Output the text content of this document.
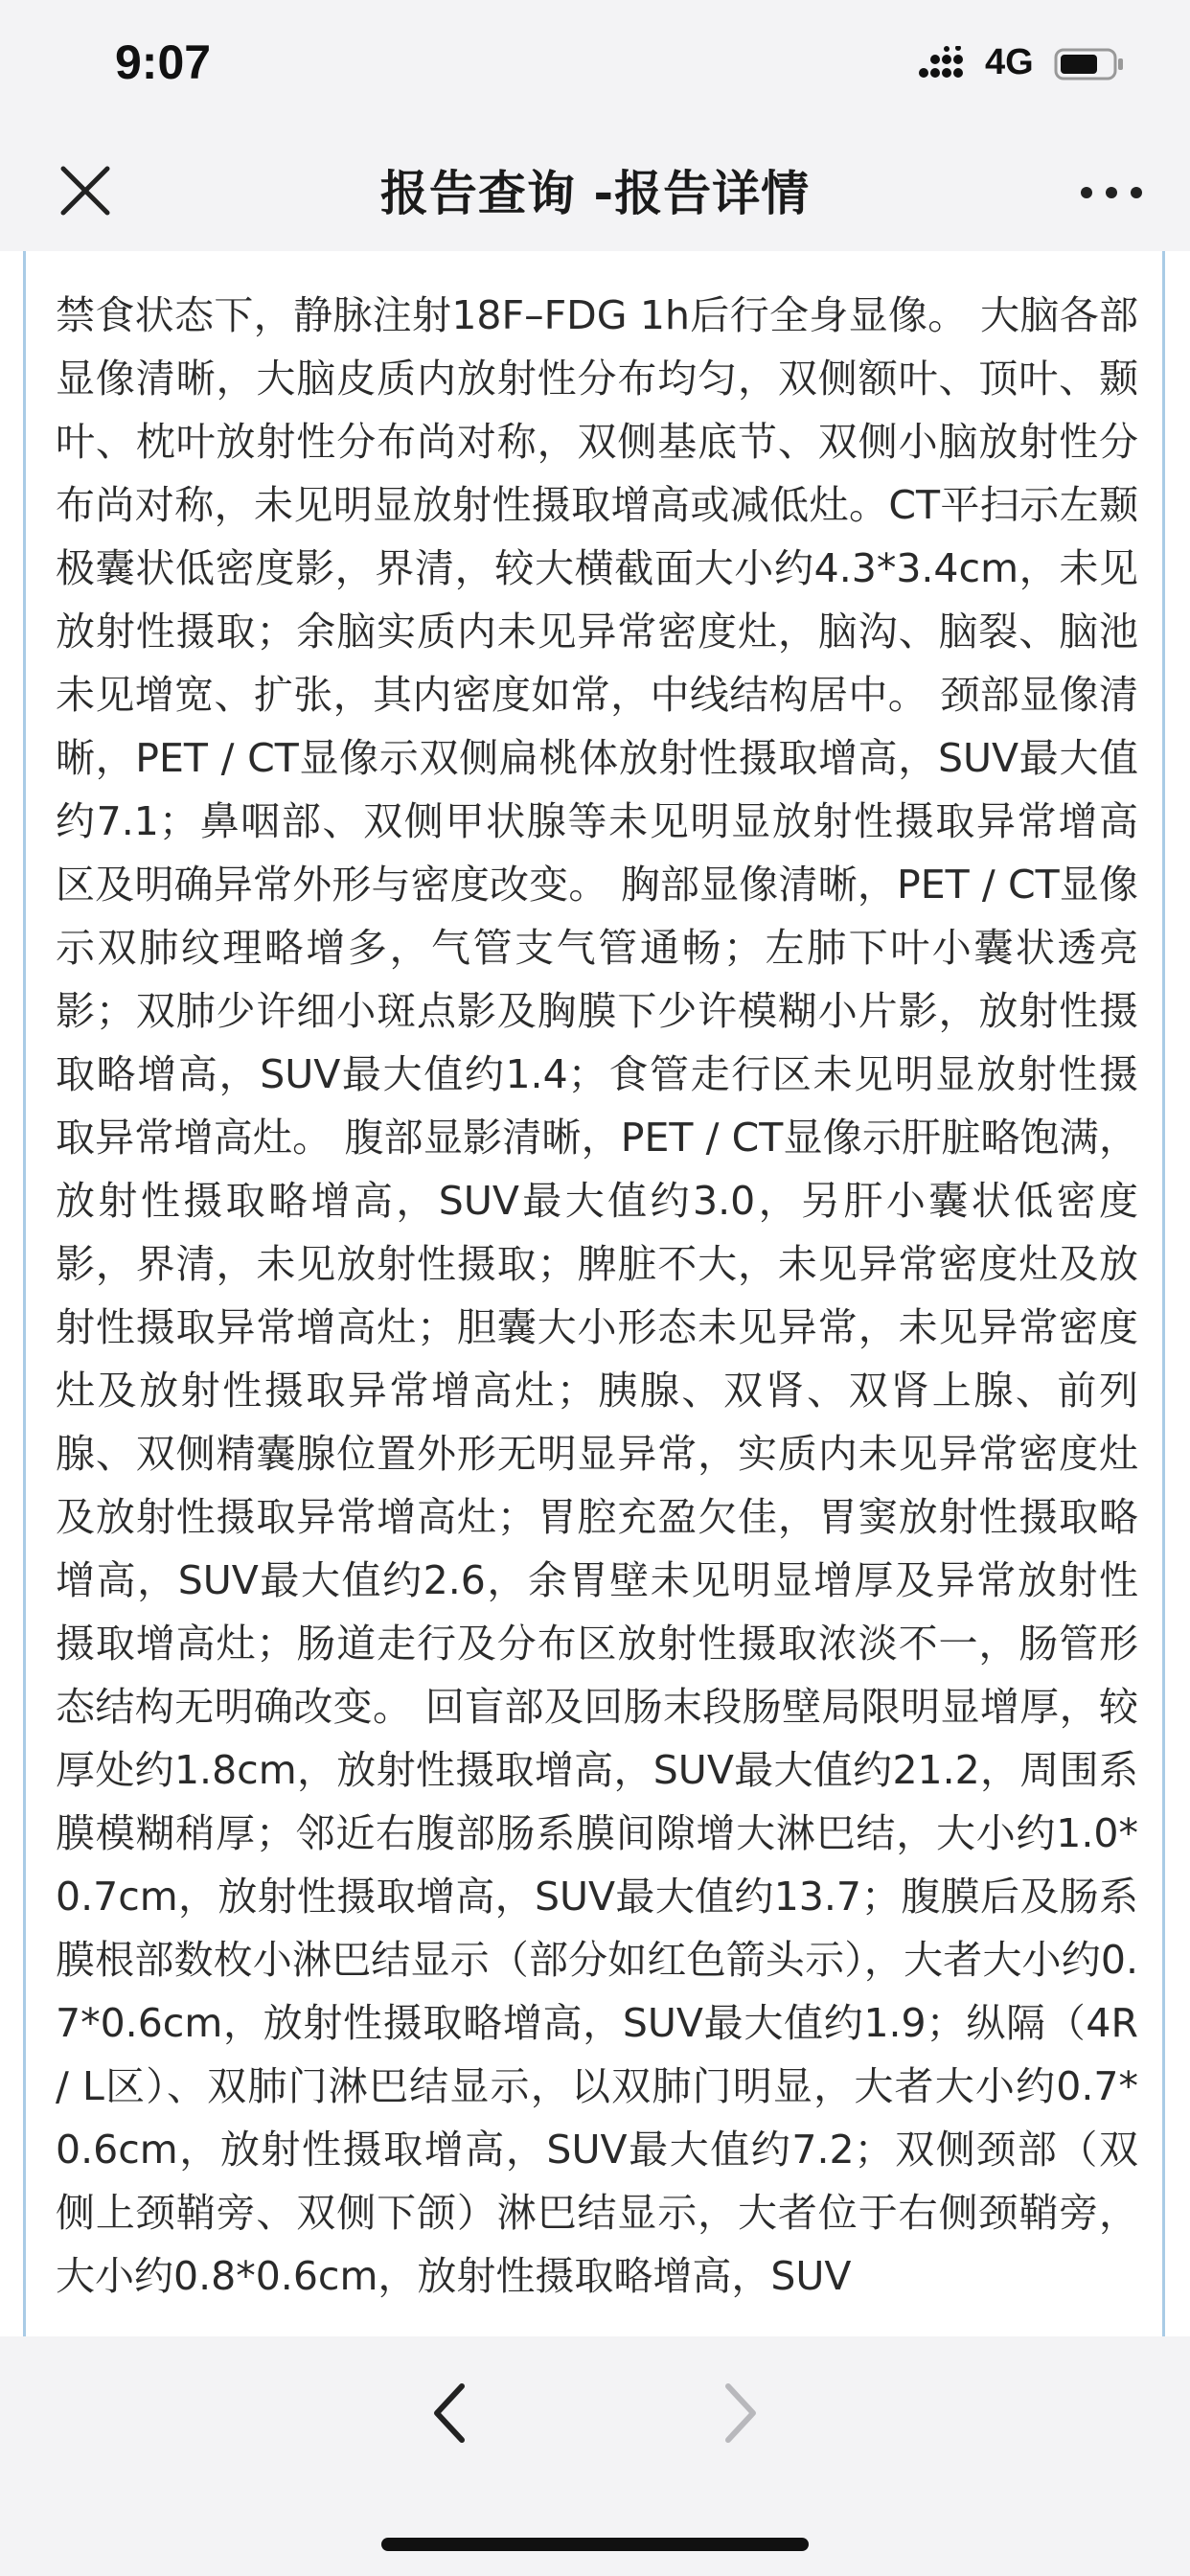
9:07	4G
报告查询 -报告详情

禁食状态下，静脉注射18F–FDG 1h后行全身显像。 大脑各部显像清晰，大脑皮质内放射性分布均匀，双侧额叶、顶叶、颞叶、枕叶放射性分布尚对称，双侧基底节、双侧小脑放射性分布尚对称，未见明显放射性摄取增高或减低灶。CT平扫示左颞极囊状低密度影，界清，较大横截面大小约4.3*3.4cm，未见放射性摄取；余脑实质内未见异常密度灶，脑沟、脑裂、脑池未见增宽、扩张，其内密度如常，中线结构居中。 颈部显像清晰，PET / CT显像示双侧扁桃体放射性摄取增高，SUV最大值约7.1；鼻咽部、双侧甲状腺等未见明显放射性摄取异常增高区及明确异常外形与密度改变。 胸部显像清晰，PET / CT显像示双肺纹理略增多，气管支气管通畅；左肺下叶小囊状透亮影；双肺少许细小斑点影及胸膜下少许模糊小片影，放射性摄取略增高，SUV最大值约1.4；食管走行区未见明显放射性摄取异常增高灶。 腹部显影清晰，PET / CT显像示肝脏略饱满，放射性摄取略增高，SUV最大值约3.0，另肝小囊状低密度影，界清，未见放射性摄取；脾脏不大，未见异常密度灶及放射性摄取异常增高灶；胆囊大小形态未见异常，未见异常密度灶及放射性摄取异常增高灶；胰腺、双肾、双肾上腺、前列腺、双侧精囊腺位置外形无明显异常，实质内未见异常密度灶及放射性摄取异常增高灶；胃腔充盈欠佳，胃窦放射性摄取略增高，SUV最大值约2.6，余胃壁未见明显增厚及异常放射性摄取增高灶；肠道走行及分布区放射性摄取浓淡不一，肠管形态结构无明确改变。 回盲部及回肠末段肠壁局限明显增厚，较厚处约1.8cm，放射性摄取增高，SUV最大值约21.2，周围系膜模糊稍厚；邻近右腹部肠系膜间隙增大淋巴结，大小约1.0*0.7cm，放射性摄取增高，SUV最大值约13.7；腹膜后及肠系膜根部数枚小淋巴结显示（部分如红色箭头示），大者大小约0.7*0.6cm，放射性摄取略增高，SUV最大值约1.9；纵隔（4R / L区）、双肺门淋巴结显示，以双肺门明显，大者大小约0.7*0.6cm，放射性摄取增高，SUV最大值约7.2；双侧颈部（双侧上颈鞘旁、双侧下颌）淋巴结显示，大者位于右侧颈鞘旁，大小约0.8*0.6cm，放射性摄取略增高，SUV
